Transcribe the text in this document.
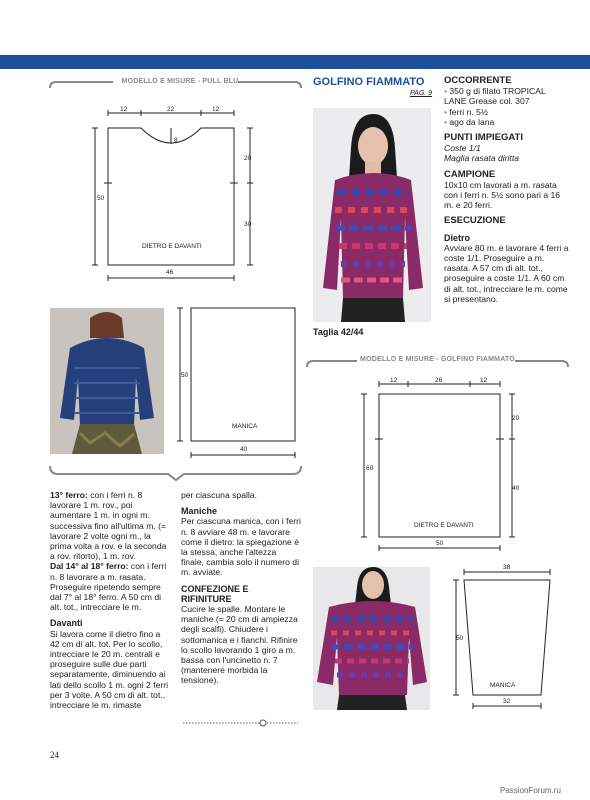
MODELLO E MISURE - PULL BLU
12	22	12
8
20
30
50
DIETRO E DAVANTI
46
50
MANICA
40

13° ferro: con i ferri n. 8 lavorare 1 m. rov., poi aumentare 1 m. in ogni m. successiva fino all'ultima m. (= lavorare 2 volte ogni m., la prima volta a rov. e la seconda a rov. ritorto), 1 m. rov.

Dal 14° al 18° ferro: con i ferri n. 8 lavorare a m. rasata. Proseguire ripetendo sempre dal 7° al 18° ferro. A 50 cm di alt. tot., intrecciare le m.

Davanti

Si lavora come il dietro fino a 42 cm di alt. tot. Per lo scollo, intrecciare le 20 m. centrali e proseguire sulle due parti separatamente, diminuendo ai lati dello scollo 1 m. ogni 2 ferri per 3 volte. A 50 cm di alt. tot., intrecciare le m. rimaste

per ciascuna spalla.

Maniche

Per ciascuna manica, con i ferri n. 8 avviare 48 m. e lavorare come il dietro: la spiegazione è la stessa, anche l'altezza finale, cambia solo il numero di m. avviate.

CONFEZIONE E RIFINITURE

Cucire le spalle. Montare le maniche (= 20 cm di ampiezza degli scalfi). Chiudere i sottomanica e i fianchi. Rifinire lo scollo lavorando 1 giro a m. bassa con l'uncinetto n. 7 (mantenere morbida la tensione).

24
GOLFINO FIAMMATO
PAG. 9
Taglia 42/44

OCCORRENTE

• 350 g di filato TROPICAL LANE Grease col. 307

• ferri n. 5½

• ago da lana

PUNTI IMPIEGATI

Coste 1/1

Maglia rasata diritta

CAMPIONE

10x10 cm lavorati a m. rasata con i ferri n. 5½ sono pari a 16 m. e 20 ferri.

ESECUZIONE

Dietro

Avviare 80 m. e lavorare 4 ferri a coste 1/1. Proseguire a m. rasata. A 57 cm di alt. tot., proseguire a coste 1/1. A 60 cm di alt. tot., intrecciare le m. come si presentano.

MODELLO E MISURE - GOLFINO FIAMMATO
12	26	12
20
40
60
DIETRO E DAVANTI
50
38
50
MANICA
32
PassionForum.ru
